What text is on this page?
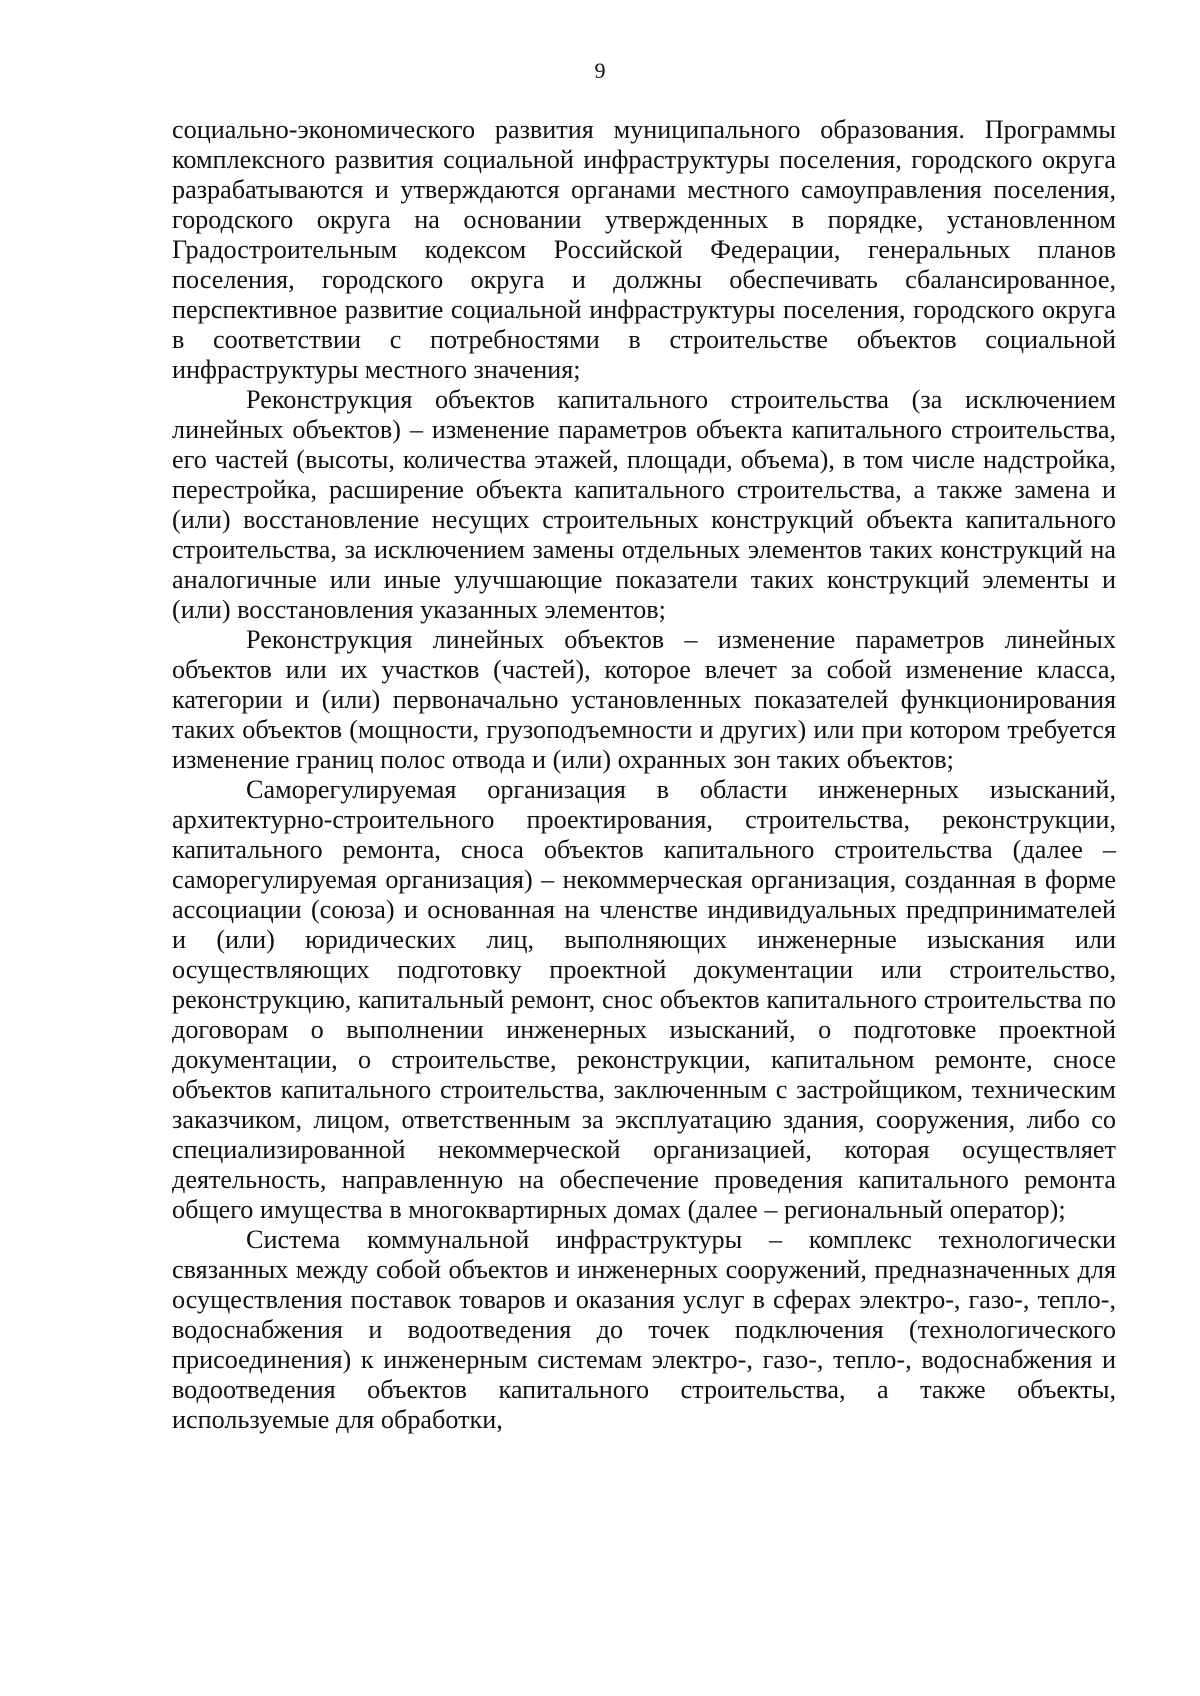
9

социально-экономического развития муниципального образования. Программы комплексного развития социальной инфраструктуры поселения, городского округа разрабатываются и утверждаются органами местного самоуправления поселения, городского округа на основании утвержденных в порядке, установленном Градостроительным кодексом Российской Федерации, генеральных планов поселения, городского округа и должны обеспечивать сбалансированное, перспективное развитие социальной инфраструктуры поселения, городского округа в соответствии с потребностями в строительстве объектов социальной инфраструктуры местного значения;

Реконструкция объектов капитального строительства (за исключением линейных объектов) – изменение параметров объекта капитального строительства, его частей (высоты, количества этажей, площади, объема), в том числе надстройка, перестройка, расширение объекта капитального строительства, а также замена и (или) восстановление несущих строительных конструкций объекта капитального строительства, за исключением замены отдельных элементов таких конструкций на аналогичные или иные улучшающие показатели таких конструкций элементы и (или) восстановления указанных элементов;

Реконструкция линейных объектов – изменение параметров линейных объектов или их участков (частей), которое влечет за собой изменение класса, категории и (или) первоначально установленных показателей функционирования таких объектов (мощности, грузоподъемности и других) или при котором требуется изменение границ полос отвода и (или) охранных зон таких объектов;

Саморегулируемая организация в области инженерных изысканий, архитектурно-строительного проектирования, строительства, реконструкции, капитального ремонта, сноса объектов капитального строительства (далее – саморегулируемая организация) – некоммерческая организация, созданная в форме ассоциации (союза) и основанная на членстве индивидуальных предпринимателей и (или) юридических лиц, выполняющих инженерные изыскания или осуществляющих подготовку проектной документации или строительство, реконструкцию, капитальный ремонт, снос объектов капитального строительства по договорам о выполнении инженерных изысканий, о подготовке проектной документации, о строительстве, реконструкции, капитальном ремонте, сносе объектов капитального строительства, заключенным с застройщиком, техническим заказчиком, лицом, ответственным за эксплуатацию здания, сооружения, либо со специализированной некоммерческой организацией, которая осуществляет деятельность, направленную на обеспечение проведения капитального ремонта общего имущества в многоквартирных домах (далее – региональный оператор);

Система коммунальной инфраструктуры – комплекс технологически связанных между собой объектов и инженерных сооружений, предназначенных для осуществления поставок товаров и оказания услуг в сферах электро-, газо-, тепло-, водоснабжения и водоотведения до точек подключения (технологического присоединения) к инженерным системам электро-, газо-, тепло-, водоснабжения и водоотведения объектов капитального строительства, а также объекты, используемые для обработки,
